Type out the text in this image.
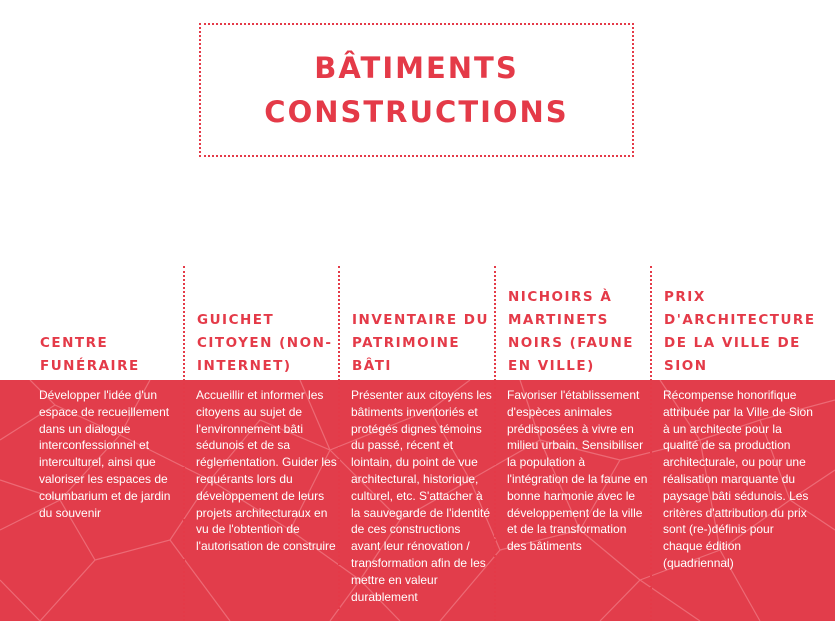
BÂTIMENTS
CONSTRUCTIONS
CENTRE FUNÉRAIRE
Développer l'idée d'un espace de recueillement dans un dialogue interconfessionnel et interculturel, ainsi que valoriser les espaces de columbarium et de jardin du souvenir
GUICHET CITOYEN (NON-INTERNET)
Accueillir et informer les citoyens au sujet de l'environnement bâti sédunois et de sa réglementation. Guider les requérants lors du développement de leurs projets architecturaux en vu de l'obtention de l'autorisation de construire
INVENTAIRE DU PATRIMOINE BÂTI
Présenter aux citoyens les bâtiments inventoriés et protégés dignes témoins du passé, récent et lointain, du point de vue architectural, historique, culturel, etc. S'attacher à la sauvegarde de l'identité de ces constructions avant leur rénovation / transformation afin de les mettre en valeur durablement
NICHOIRS À MARTINETS NOIRS (FAUNE EN VILLE)
Favoriser l'établissement d'espèces animales prédisposées à vivre en milieu urbain. Sensibiliser la population à l'intégration de la faune en bonne harmonie avec le développement de la ville et de la transformation des bâtiments
PRIX D'ARCHITECTURE DE LA VILLE DE SION
Récompense honorifique attribuée par la Ville de Sion à un architecte pour la qualité de sa production architecturale, ou pour une réalisation marquante du paysage bâti sédunois. Les critères d'attribution du prix sont (re-)définis pour chaque édition (quadriennal)
